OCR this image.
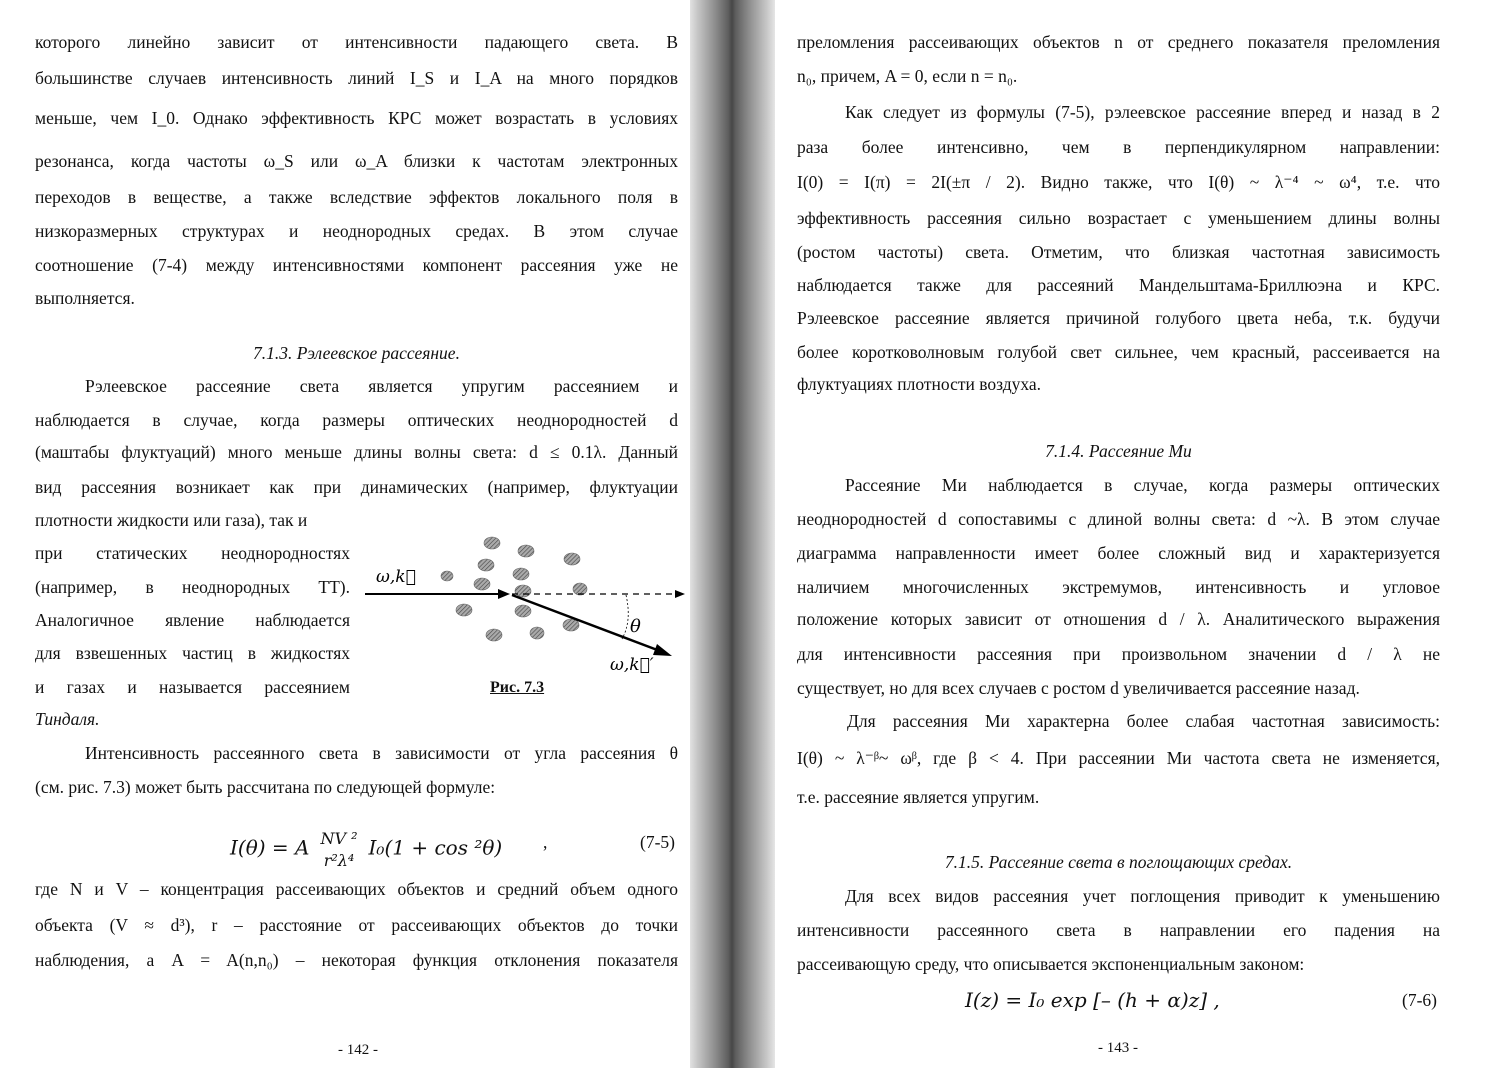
которого линейно зависит от интенсивности падающего света. В
большинстве случаев интенсивность линий I_S и I_A на много порядков
меньше, чем I_0. Однако эффективность КРС может возрастать в условиях
резонанса, когда частоты ω_S или ω_A близки к частотам электронных
переходов в веществе, а также вследствие эффектов локального поля в
низкоразмерных структурах и неоднородных средах. В этом случае
соотношение (7-4) между интенсивностями компонент рассеяния уже не
выполняется.
7.1.3. Рэлеевское рассеяние.
Рэлеевское рассеяние света является упругим рассеянием и
наблюдается в случае, когда размеры оптических неоднородностей d
(маштабы флуктуаций) много меньше длины волны света: d ≤ 0.1λ. Данный
вид рассеяния возникает как при динамических (например, флуктуации
плотности жидкости или газа), так и
при статических неоднородностях
(например, в неоднородных ТТ).
Аналогичное явление наблюдается
для взвешенных частиц в жидкостях
и газах и называется рассеянием
Тиндаля.
ω,k⃗
θ
ω,k⃗′
Рис. 7.3
Интенсивность рассеянного света в зависимости от угла рассеяния θ
(см. рис. 7.3) может быть рассчитана по следующей формуле:
I(θ) = A NV ²
r²λ⁴
I₀(1 + cos ²θ) ,	(7-5)
где N и V – концентрация рассеивающих объектов и средний объем одного
объекта (V ≈ d³), r – расстояние от рассеивающих объектов до точки
наблюдения, а A = A(n,n₀) – некоторая функция отклонения показателя
- 142 -
преломления рассеивающих объектов n от среднего показателя преломления
n₀, причем, A = 0, если n = n₀.
Как следует из формулы (7-5), рэлеевское рассеяние вперед и назад в 2
раза более интенсивно, чем в перпендикулярном направлении:
I(0) = I(π) = 2I(±π / 2). Видно также, что I(θ) ~ λ⁻⁴ ~ ω⁴, т.е. что
эффективность рассеяния сильно возрастает с уменьшением длины волны
(ростом частоты) света. Отметим, что близкая частотная зависимость
наблюдается также для рассеяний Мандельштама-Бриллюэна и КРС.
Рэлеевское рассеяние является причиной голубого цвета неба, т.к. будучи
более коротковолновым голубой свет сильнее, чем красный, рассеивается на
флуктуациях плотности воздуха.
7.1.4. Рассеяние Ми
Рассеяние Ми наблюдается в случае, когда размеры оптических
неоднородностей d сопоставимы с длиной волны света: d ~λ. В этом случае
диаграмма направленности имеет более сложный вид и характеризуется
наличием многочисленных экстремумов, интенсивность и угловое
положение которых зависит от отношения d / λ. Аналитического выражения
для интенсивности рассеяния при произвольном значении d / λ не
существует, но для всех случаев с ростом d увеличивается рассеяние назад.
Для рассеяния Ми характерна более слабая частотная зависимость:
I(θ) ~ λ⁻ᵝ~ ωᵝ, где β < 4. При рассеянии Ми частота света не изменяется,
т.е. рассеяние является упругим.
7.1.5. Рассеяние света в поглощающих средах.
Для всех видов рассеяния учет поглощения приводит к уменьшению
интенсивности рассеянного света в направлении его падения на
рассеивающую среду, что описывается экспоненциальным законом:
I(z) = I₀ exp [– (h + α)z] ,	(7-6)
- 143 -
